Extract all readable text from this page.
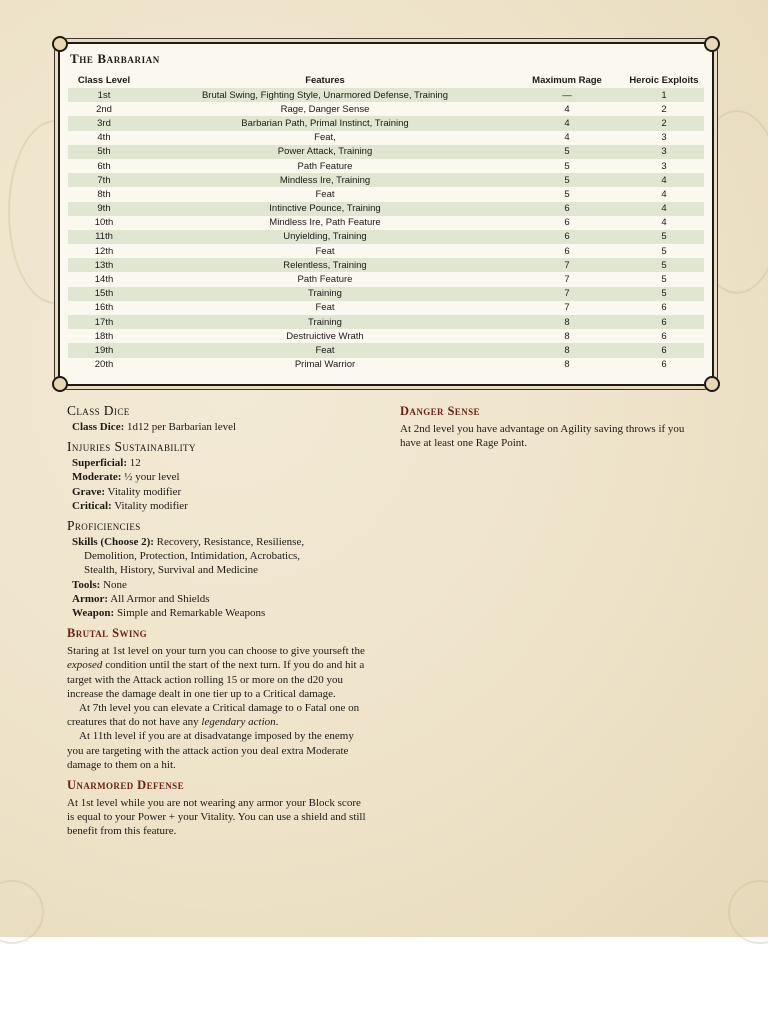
The Barbarian
Class Level	Features	Maximum Rage	Heroic Exploits
1st	Brutal Swing, Fighting Style, Unarmored Defense, Training	—	1
2nd	Rage, Danger Sense	4	2
3rd	Barbarian Path, Primal Instinct, Training	4	2
4th	Feat,	4	3
5th	Power Attack, Training	5	3
6th	Path Feature	5	3
7th	Mindless Ire, Training	5	4
8th	Feat	5	4
9th	Intinctive Pounce, Training	6	4
10th	Mindless Ire, Path Feature	6	4
11th	Unyielding, Training	6	5
12th	Feat	6	5
13th	Relentless, Training	7	5
14th	Path Feature	7	5
15th	Training	7	5
16th	Feat	7	6
17th	Training	8	6
18th	Destruictive Wrath	8	6
19th	Feat	8	6
20th	Primal Warrior	8	6
Class Dice
Class Dice: 1d12 per Barbarian level
Injuries Sustainability
Superficial: 12
Moderate: ½ your level
Grave: Vitality modifier
Critical: Vitality modifier
Proficiencies
Skills (Choose 2): Recovery, Resistance, Resiliense,
Demolition, Protection, Intimidation, Acrobatics,
Stealth, History, Survival and Medicine
Tools: None
Armor: All Armor and Shields
Weapon: Simple and Remarkable Weapons
Brutal Swing

Staring at 1st level on your turn you can choose to give yourseft the exposed condition until the start of the next turn. If you do and hit a target with the Attack action rolling 15 or more on the d20 you increase the damage dealt in one tier up to a Critical damage.

At 7th level you can elevate a Critical damage to o Fatal one on creatures that do not have any legendary action.

At 11th level if you are at disadvatange imposed by the enemy you are targeting with the attack action you deal extra Moderate damage to them on a hit.

Unarmored Defense

At 1st level while you are not wearing any armor your Block score is equal to your Power + your Vitality. You can use a shield and still benefit from this feature.

Danger Sense

At 2nd level you have advantage on Agility saving throws if you have at least one Rage Point.
